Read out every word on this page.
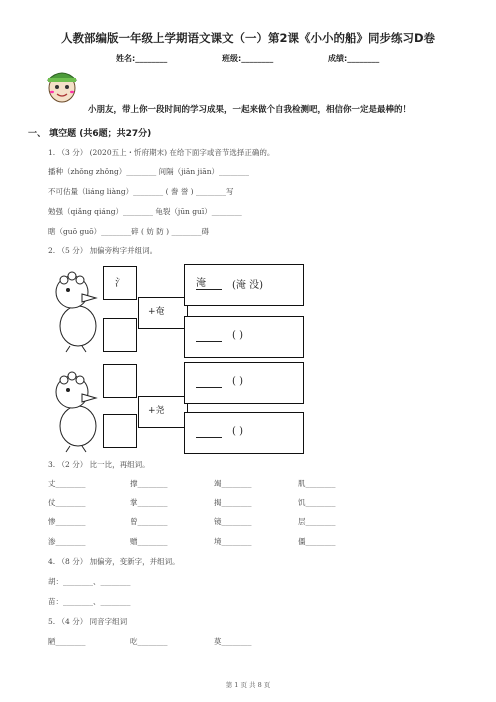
人教部编版一年级上学期语文课文（一）第2课《小小的船》同步练习D卷
姓名:________	班级:________	成绩:________
小朋友，带上你一段时间的学习成果，一起来做个自我检测吧，相信你一定是最棒的！
一、 填空题 (共6题；共27分)
1. （3 分） (2020五上・忻府期末) 在给下面字或音节选择正确的。
播种（zhǒng zhǒng）________ 间隔（jiān jiān）________
不可估量（liáng liàng）________ ( 誊 誉 ) ________写
勉强（qiǎng qiáng）________ 龟裂（jūn guī）________
瞎（guō guō）________碎 ( 妨 防 ) ________碍
2. （5 分） 加偏旁构字并组词。
氵
+奄
淹	(淹 没)

( )
+尧

( )

( )
3. （2 分） 比一比，再组词。
丈________	撑________	竭________	肌________
仗________	掌________	揭________	饥________
惨________	曾________	镜________	层________
渗________	赠________	境________	僵________
4. （8 分） 加偏旁，变新字，并组词。
胡：________、________
苗：________、________
5. （4 分） 同音字组词
陋________	吃________	莫________
第 1 页 共 8 页
